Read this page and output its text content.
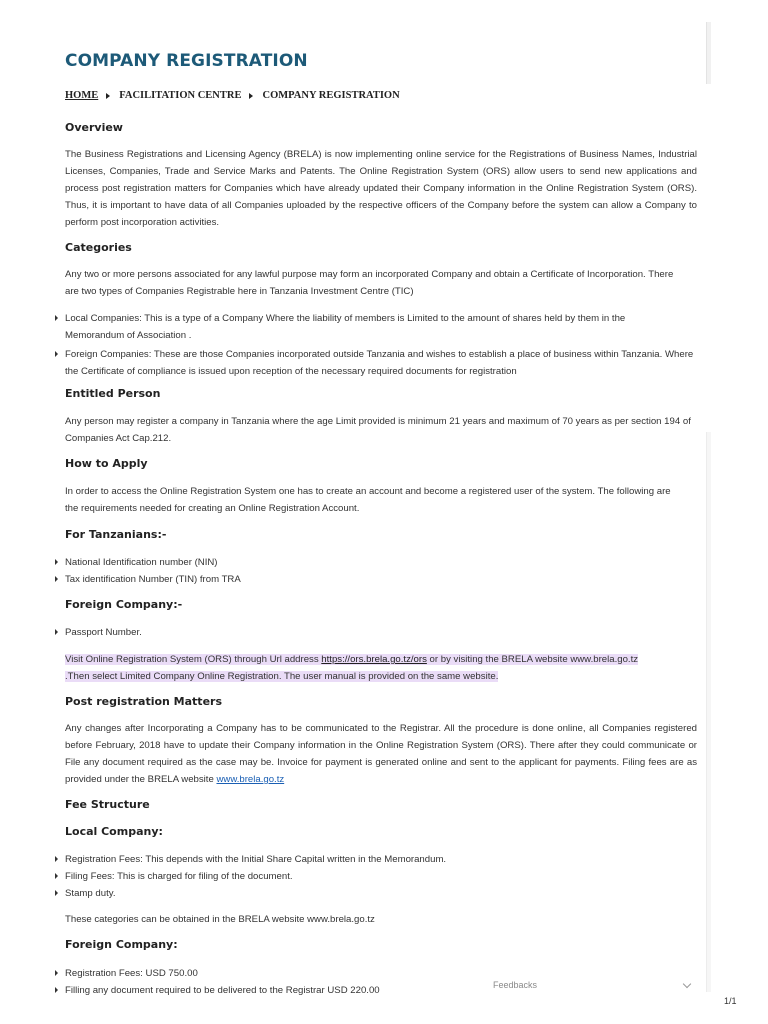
COMPANY REGISTRATION
HOME FACILITATION CENTRE COMPANY REGISTRATION
Overview

The Business Registrations and Licensing Agency (BRELA) is now implementing online service for the Registrations of Business Names, Industrial Licenses, Companies, Trade and Service Marks and Patents. The Online Registration System (ORS) allow users to send new applications and process post registration matters for Companies which have already updated their Company information in the Online Registration System (ORS). Thus, it is important to have data of all Companies uploaded by the respective officers of the Company before the system can allow a Company to perform post incorporation activities.

Categories

Any two or more persons associated for any lawful purpose may form an incorporated Company and obtain a Certificate of Incorporation. There are two types of Companies Registrable here in Tanzania Investment Centre (TIC)

Local Companies: This is a type of a Company Where the liability of members is Limited to the amount of shares held by them in the Memorandum of Association .
Foreign Companies: These are those Companies incorporated outside Tanzania and wishes to establish a place of business within Tanzania. Where the Certificate of compliance is issued upon reception of the necessary required documents for registration
Entitled Person

Any person may register a company in Tanzania where the age Limit provided is minimum 21 years and maximum of 70 years as per section 194 of Companies Act Cap.212.

How to Apply

In order to access the Online Registration System one has to create an account and become a registered user of the system. The following are the requirements needed for creating an Online Registration Account.

For Tanzanians:-
National Identification number (NIN)
Tax identification Number (TIN) from TRA
Foreign Company:-
Passport Number.
Visit Online Registration System (ORS) through Url address https://ors.brela.go.tz/ors or by visiting the BRELA website www.brela.go.tz
.Then select Limited Company Online Registration. The user manual is provided on the same website.
Post registration Matters

Any changes after Incorporating a Company has to be communicated to the Registrar. All the procedure is done online, all Companies registered before February, 2018 have to update their Company information in the Online Registration System (ORS). There after they could communicate or File any document required as the case may be. Invoice for payment is generated online and sent to the applicant for payments. Filing fees are as provided under the BRELA website www.brela.go.tz

Fee Structure
Local Company:
Registration Fees: This depends with the Initial Share Capital written in the Memorandum.
Filing Fees: This is charged for filing of the document.
Stamp duty.

These categories can be obtained in the BRELA website www.brela.go.tz

Foreign Company:
Registration Fees: USD 750.00
Filling any document required to be delivered to the Registrar USD 220.00	Feedbacks
1/1
